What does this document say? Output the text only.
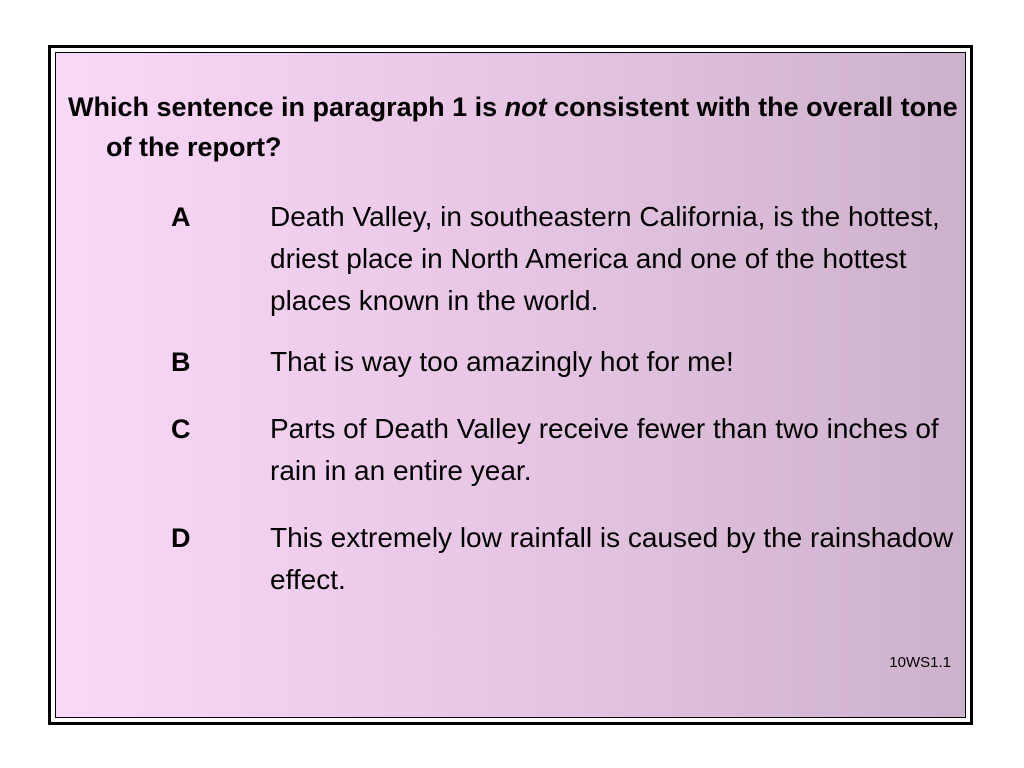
Which sentence in paragraph 1 is not consistent with the overall tone of the report?

A	Death Valley, in southeastern California, is the hottest, driest place in North America and one of the hottest places known in the world.
B	That is way too amazingly hot for me!
C	Parts of Death Valley receive fewer than two inches of rain in an entire year.
D	This extremely low rainfall is caused by the rainshadow effect.
10WS1.1
